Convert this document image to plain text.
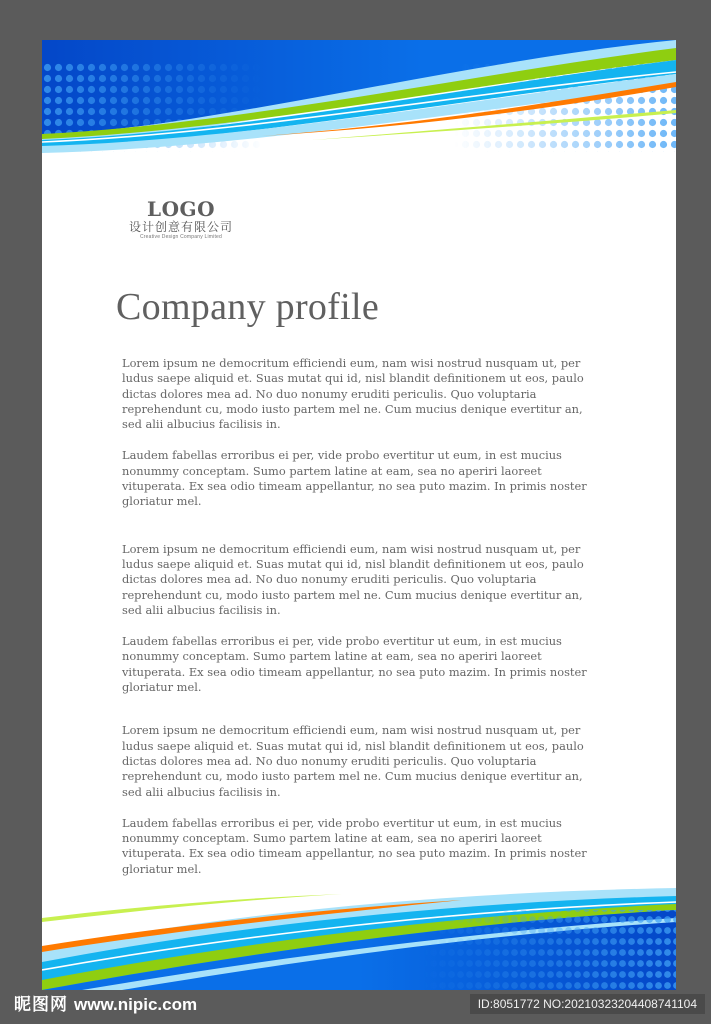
LOGO
设计创意有限公司
Creative Design Company Limited
Company profile

Lorem ipsum ne democritum efficiendi eum, nam wisi nostrud nusquam ut, per ludus saepe aliquid et. Suas mutat qui id, nisl blandit definitionem ut eos, paulo dictas dolores mea ad. No duo nonumy eruditi periculis. Quo voluptaria reprehendunt cu, modo iusto partem mel ne. Cum mucius denique evertitur an, sed alii albucius facilisis in.

Laudem fabellas erroribus ei per, vide probo evertitur ut eum, in est mucius nonummy conceptam. Sumo partem latine at eam, sea no aperiri laoreet vituperata. Ex sea odio timeam appellantur, no sea puto mazim. In primis noster gloriatur mel.

Lorem ipsum ne democritum efficiendi eum, nam wisi nostrud nusquam ut, per ludus saepe aliquid et. Suas mutat qui id, nisl blandit definitionem ut eos, paulo dictas dolores mea ad. No duo nonumy eruditi periculis. Quo voluptaria reprehendunt cu, modo iusto partem mel ne. Cum mucius denique evertitur an, sed alii albucius facilisis in.

Laudem fabellas erroribus ei per, vide probo evertitur ut eum, in est mucius nonummy conceptam. Sumo partem latine at eam, sea no aperiri laoreet vituperata. Ex sea odio timeam appellantur, no sea puto mazim. In primis noster gloriatur mel.

Lorem ipsum ne democritum efficiendi eum, nam wisi nostrud nusquam ut, per ludus saepe aliquid et. Suas mutat qui id, nisl blandit definitionem ut eos, paulo dictas dolores mea ad. No duo nonumy eruditi periculis. Quo voluptaria reprehendunt cu, modo iusto partem mel ne. Cum mucius denique evertitur an, sed alii albucius facilisis in.

Laudem fabellas erroribus ei per, vide probo evertitur ut eum, in est mucius nonummy conceptam. Sumo partem latine at eam, sea no aperiri laoreet vituperata. Ex sea odio timeam appellantur, no sea puto mazim. In primis noster gloriatur mel.

昵图网 www.nipic.com	ID:8051772 NO:20210323204408741104
